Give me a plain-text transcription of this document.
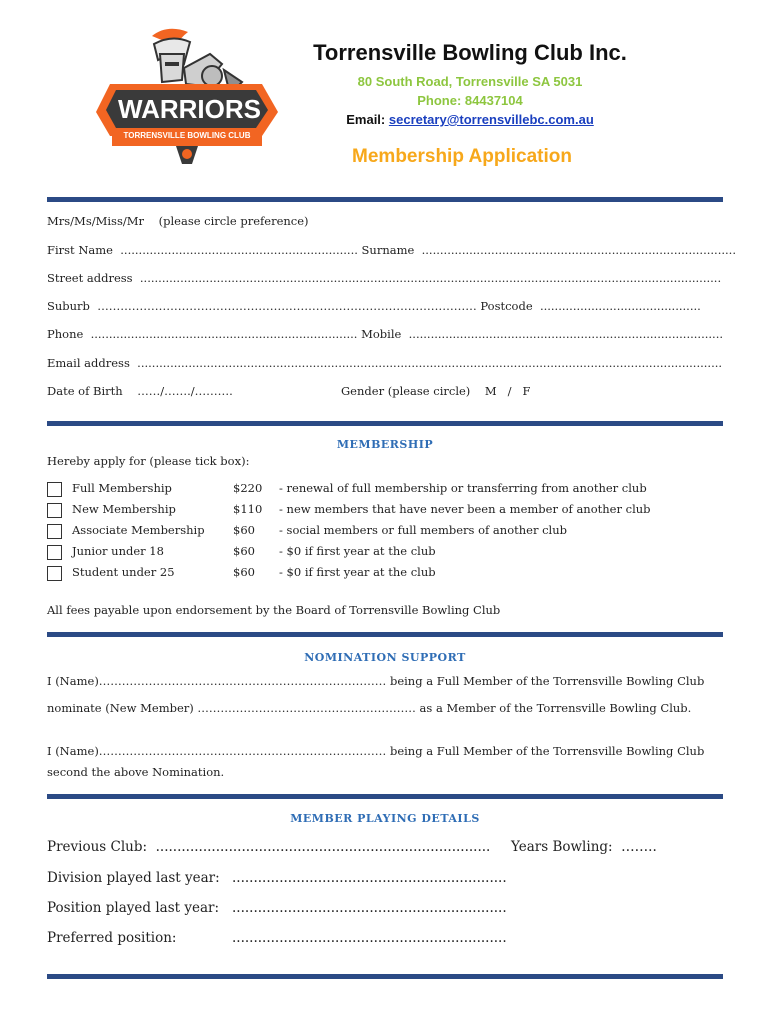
WARRIORS
TORRENSVILLE BOWLING CLUB
Torrensville Bowling Club Inc.
80 South Road, Torrensville SA 5031
Phone: 84437104
Email: secretary@torrensvillebc.com.au
Membership Application
Mrs/Ms/Miss/Mr    (please circle preference)
First Name  ................................................................. Surname  ......................................................................................
Street address  ...............................................................................................................................................................
Suburb  ……………………………………………………………………………………… Postcode  ............................................
Phone  ......................................................................... Mobile  ......................................................................................
Email address  ................................................................................................................................................................
Date of Birth    ……/……./……….	Gender (please circle)    M   /   F
MEMBERSHIP
Hereby apply for (please tick box):
Full Membership	$220 - renewal of full membership or transferring from another club
New Membership	$110 - new members that have never been a member of another club
Associate Membership $60 - social members or full members of another club
Junior under 18	$60 - $0 if first year at the club
Student under 25	$60 - $0 if first year at the club
All fees payable upon endorsement by the Board of Torrensville Bowling Club
NOMINATION SUPPORT
I (Name)………………………………………………………………… being a Full Member of the Torrensville Bowling Club
nominate (New Member) ………………………………………………… as a Member of the Torrensville Bowling Club.
I (Name)………………………………………………………………… being a Full Member of the Torrensville Bowling Club
second the above Nomination.
MEMBER PLAYING DETAILS
Previous Club:  .............................................................................. Years Bowling:  ……..
Division played last year: ................................................................
Position played last year: ................................................................
Preferred position:	................................................................
